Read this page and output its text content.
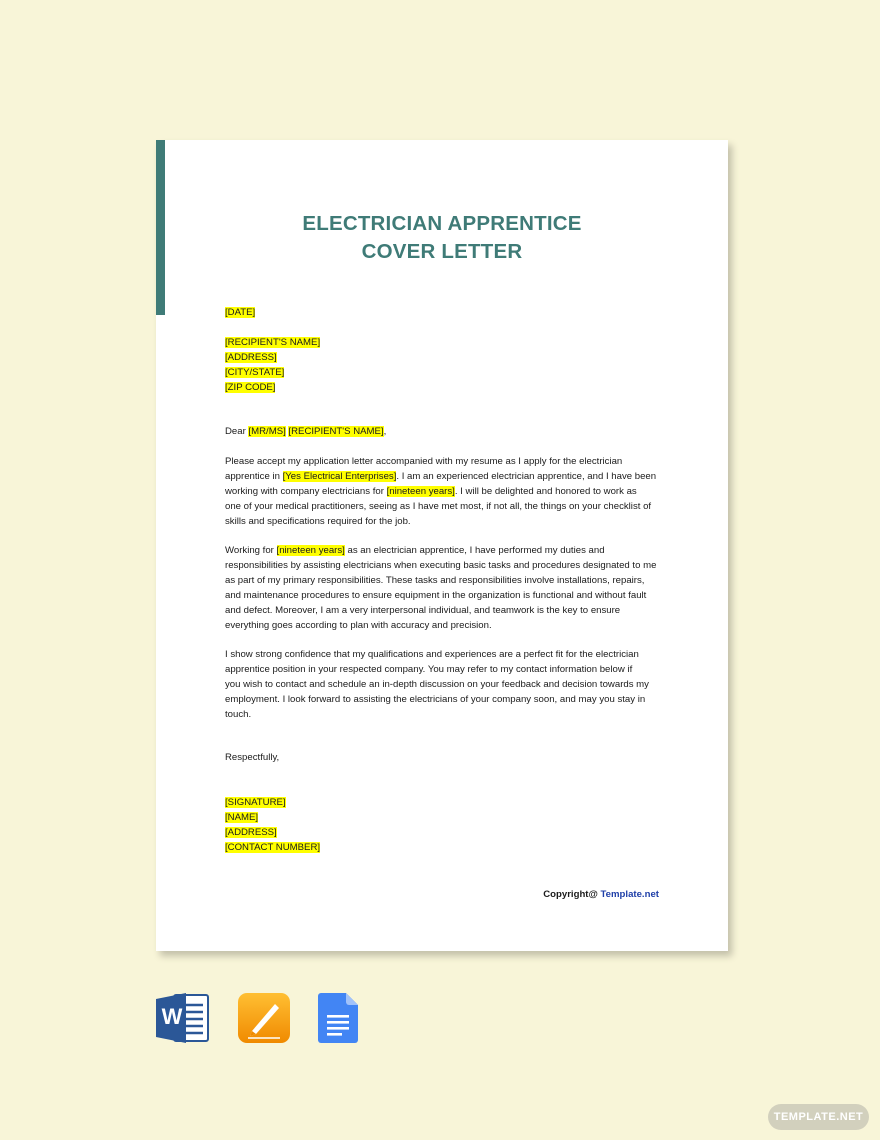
ELECTRICIAN APPRENTICE
COVER LETTER
[DATE]
[RECIPIENT'S NAME]
[ADDRESS]
[CITY/STATE]
[ZIP CODE]
Dear [MR/MS] [RECIPIENT'S NAME],
Please accept my application letter accompanied with my resume as I apply for the electrician
apprentice in [Yes Electrical Enterprises]. I am an experienced electrician apprentice, and I have been
working with company electricians for [nineteen years]. I will be delighted and honored to work as
one of your medical practitioners, seeing as I have met most, if not all, the things on your checklist of
skills and specifications required for the job.
Working for [nineteen years] as an electrician apprentice, I have performed my duties and
responsibilities by assisting electricians when executing basic tasks and procedures designated to me
as part of my primary responsibilities. These tasks and responsibilities involve installations, repairs,
and maintenance procedures to ensure equipment in the organization is functional and without fault
and defect. Moreover, I am a very interpersonal individual, and teamwork is the key to ensure
everything goes according to plan with accuracy and precision.
I show strong confidence that my qualifications and experiences are a perfect fit for the electrician
apprentice position in your respected company. You may refer to my contact information below if
you wish to contact and schedule an in-depth discussion on your feedback and decision towards my
employment. I look forward to assisting the electricians of your company soon, and may you stay in
touch.
Respectfully,
[SIGNATURE]
[NAME]
[ADDRESS]
[CONTACT NUMBER]
Copyright@ Template.net
W
TEMPLATE.NET
